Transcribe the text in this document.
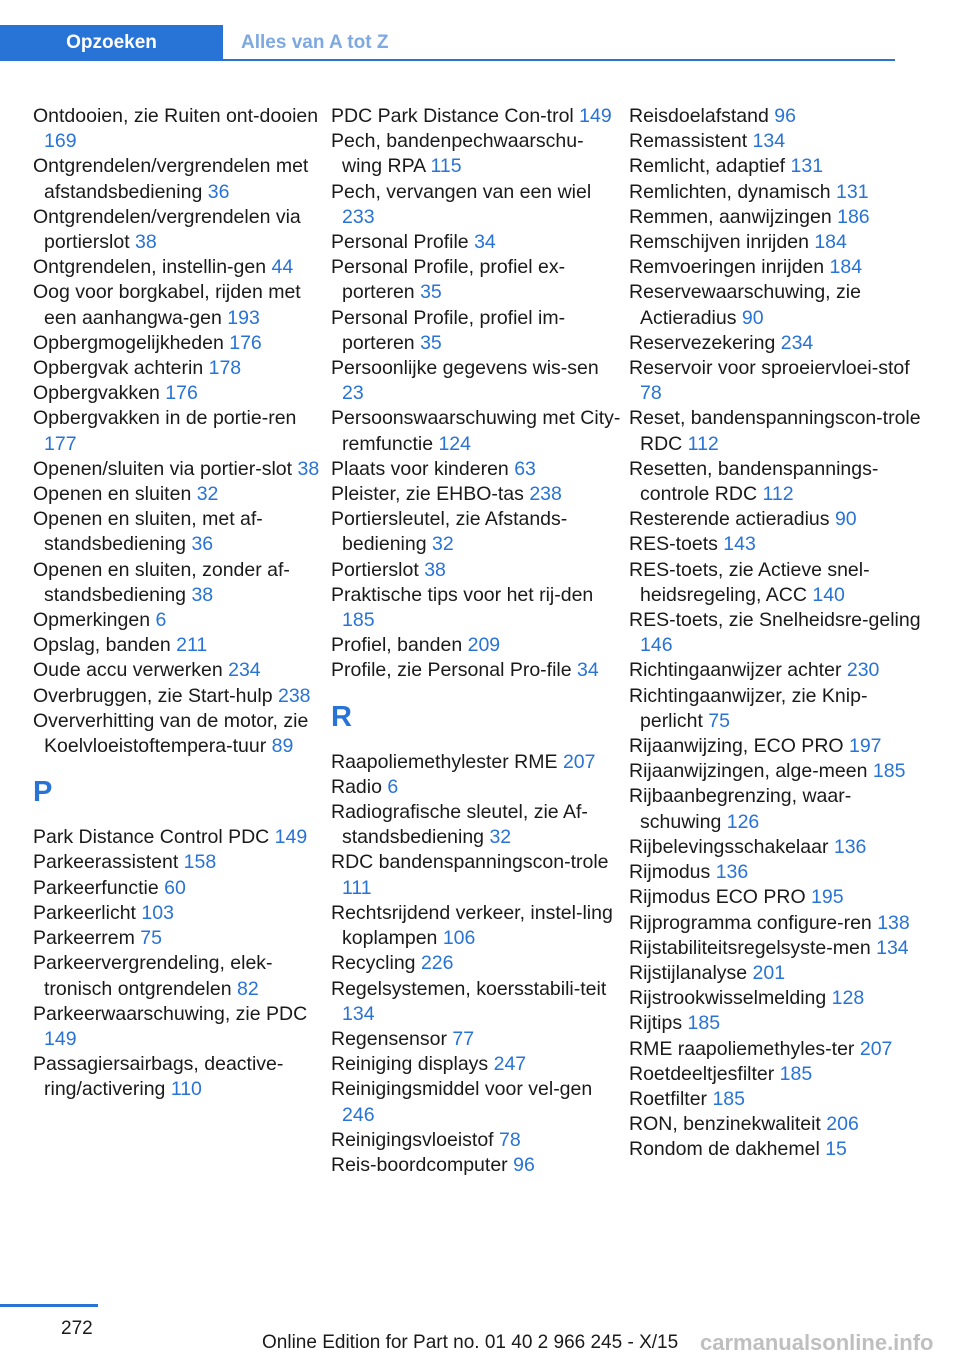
Opzoeken	Alles van A tot Z
Ontdooien, zie Ruiten ont-dooien 169
Ontgrendelen/vergrendelen met afstandsbediening 36
Ontgrendelen/vergrendelen via portierslot 38
Ontgrendelen, instellin-gen 44
Oog voor borgkabel, rijden met een aanhangwa-gen 193
Opbergmogelijkheden 176
Opbergvak achterin 178
Opbergvakken 176
Opbergvakken in de portie-ren 177
Openen/sluiten via portier-slot 38
Openen en sluiten 32
Openen en sluiten, met af-standsbediening 36
Openen en sluiten, zonder af-standsbediening 38
Opmerkingen 6
Opslag, banden 211
Oude accu verwerken 234
Overbruggen, zie Start-hulp 238
Oververhitting van de motor, zie Koelvloeistoftempera-tuur 89
P
Park Distance Control PDC 149
Parkeerassistent 158
Parkeerfunctie 60
Parkeerlicht 103
Parkeerrem 75
Parkeervergrendeling, elek-tronisch ontgrendelen 82
Parkeerwaarschuwing, zie PDC 149
Passagiersairbags, deactive-ring/activering 110
PDC Park Distance Con-trol 149
Pech, bandenpechwaarschu-wing RPA 115
Pech, vervangen van een wiel 233
Personal Profile 34
Personal Profile, profiel ex-porteren 35
Personal Profile, profiel im-porteren 35
Persoonlijke gegevens wis-sen 23
Persoonswaarschuwing met City-remfunctie 124
Plaats voor kinderen 63
Pleister, zie EHBO-tas 238
Portiersleutel, zie Afstands-bediening 32
Portierslot 38
Praktische tips voor het rij-den 185
Profiel, banden 209
Profile, zie Personal Pro-file 34
R
Raapoliemethylester RME 207
Radio 6
Radiografische sleutel, zie Af-standsbediening 32
RDC bandenspanningscon-trole 111
Rechtsrijdend verkeer, instel-ling koplampen 106
Recycling 226
Regelsystemen, koersstabili-teit 134
Regensensor 77
Reiniging displays 247
Reinigingsmiddel voor vel-gen 246
Reinigingsvloeistof 78
Reis-boordcomputer 96
Reisdoelafstand 96
Remassistent 134
Remlicht, adaptief 131
Remlichten, dynamisch 131
Remmen, aanwijzingen 186
Remschijven inrijden 184
Remvoeringen inrijden 184
Reservewaarschuwing, zie Actieradius 90
Reservezekering 234
Reservoir voor sproeiervloei-stof 78
Reset, bandenspanningscon-trole RDC 112
Resetten, bandenspannings-controle RDC 112
Resterende actieradius 90
RES-toets 143
RES-toets, zie Actieve snel-heidsregeling, ACC 140
RES-toets, zie Snelheidsre-geling 146
Richtingaanwijzer achter 230
Richtingaanwijzer, zie Knip-perlicht 75
Rijaanwijzing, ECO PRO 197
Rijaanwijzingen, alge-meen 185
Rijbaanbegrenzing, waar-schuwing 126
Rijbelevingsschakelaar 136
Rijmodus 136
Rijmodus ECO PRO 195
Rijprogramma configure-ren 138
Rijstabiliteitsregelsyste-men 134
Rijstijlanalyse 201
Rijstrookwisselmelding 128
Rijtips 185
RME raapoliemethyles-ter 207
Roetdeeltjesfilter 185
Roetfilter 185
RON, benzinekwaliteit 206
Rondom de dakhemel 15
272
Online Edition for Part no. 01 40 2 966 245 - X/15 carmanualsonline.info
